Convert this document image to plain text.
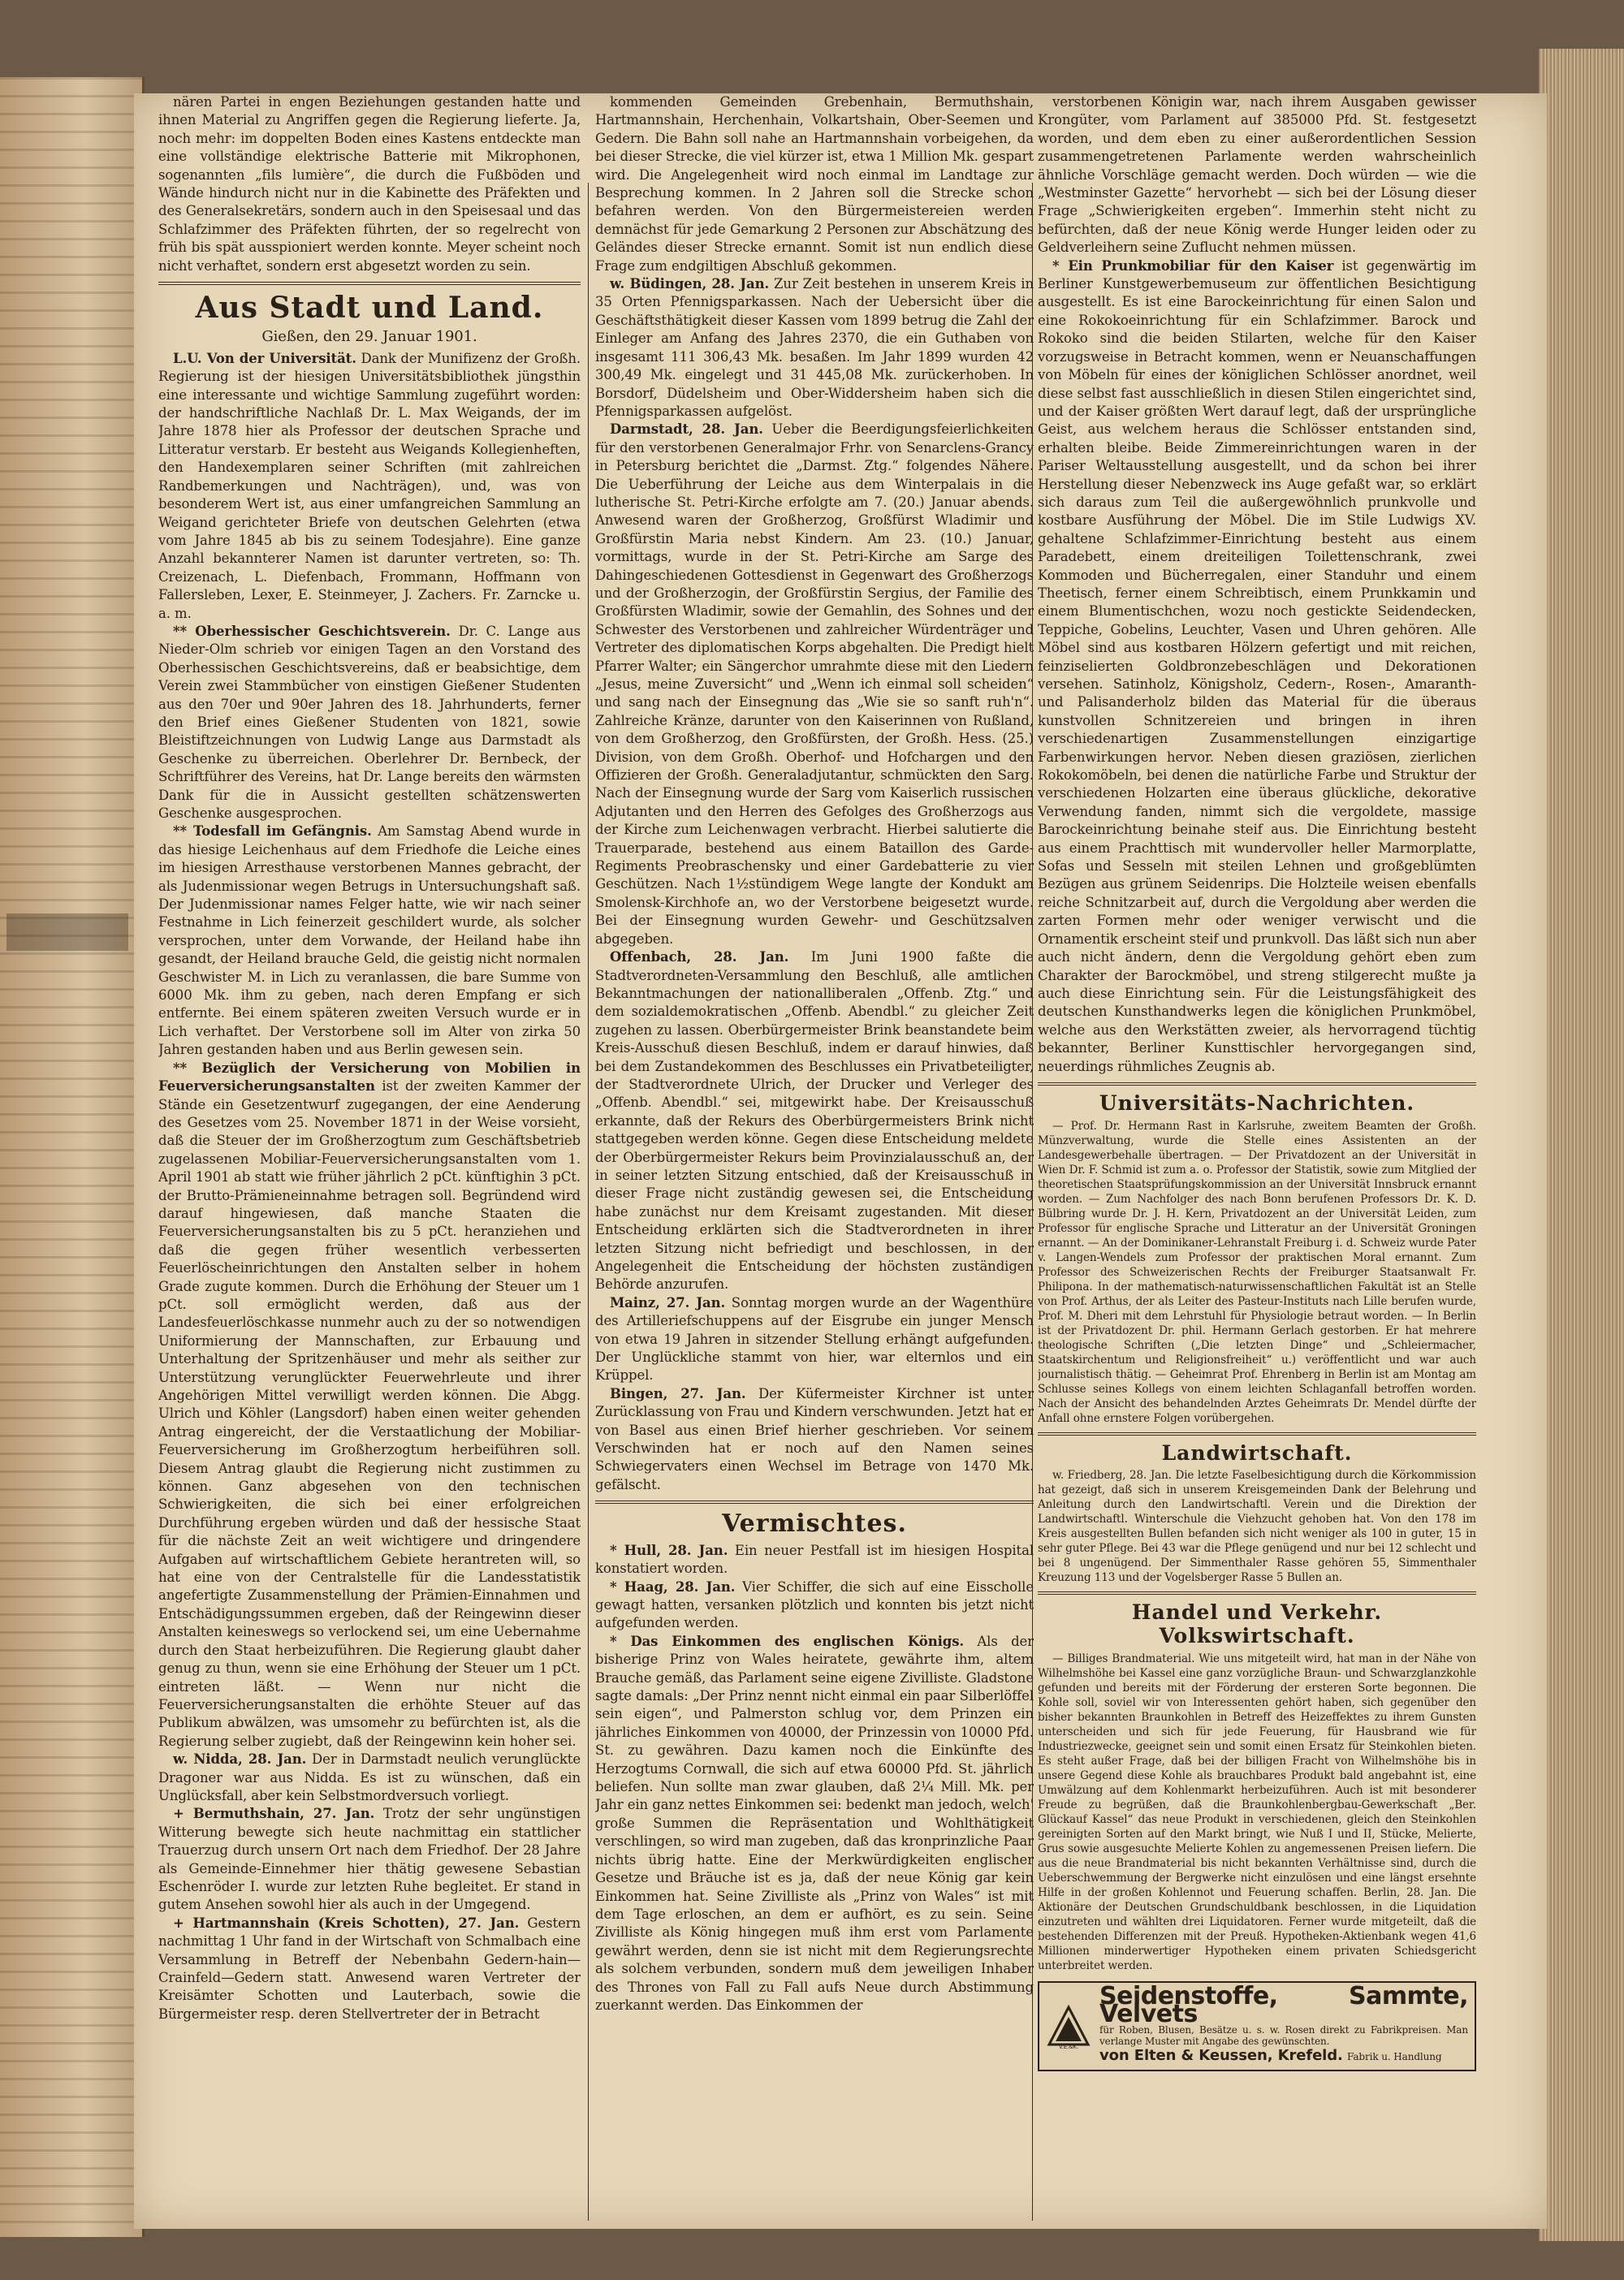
nären Partei in engen Beziehungen gestanden hatte und ihnen Material zu Angriffen gegen die Regierung lieferte. Ja, noch mehr: im doppelten Boden eines Kastens entdeckte man eine vollständige elektrische Batterie mit Mikrophonen, sogenannten „fils lumière“, die durch die Fußböden und Wände hindurch nicht nur in die Kabinette des Präfekten und des Generalsekretärs, sondern auch in den Speisesaal und das Schlafzimmer des Präfekten führten, der so regelrecht von früh bis spät ausspioniert werden konnte. Meyer scheint noch nicht verhaftet, sondern erst abgesetzt worden zu sein.

Aus Stadt und Land.
Gießen, den 29. Januar 1901.

L.U. Von der Universität. Dank der Munifizenz der Großh. Regierung ist der hiesigen Universitätsbibliothek jüngsthin eine interessante und wichtige Sammlung zugeführt worden: der handschriftliche Nachlaß Dr. L. Max Weigands, der im Jahre 1878 hier als Professor der deutschen Sprache und Litteratur verstarb. Er besteht aus Weigands Kollegienheften, den Handexemplaren seiner Schriften (mit zahlreichen Randbemerkungen und Nachträgen), und, was von besonderem Wert ist, aus einer umfangreichen Sammlung an Weigand gerichteter Briefe von deutschen Gelehrten (etwa vom Jahre 1845 ab bis zu seinem Todesjahre). Eine ganze Anzahl bekannterer Namen ist darunter vertreten, so: Th. Creizenach, L. Diefenbach, Frommann, Hoffmann von Fallersleben, Lexer, E. Steinmeyer, J. Zachers. Fr. Zarncke u. a. m.

** Oberhessischer Geschichtsverein. Dr. C. Lange aus Nieder-Olm schrieb vor einigen Tagen an den Vorstand des Oberhessischen Geschichtsvereins, daß er beabsichtige, dem Verein zwei Stammbücher von einstigen Gießener Studenten aus den 70er und 90er Jahren des 18. Jahrhunderts, ferner den Brief eines Gießener Studenten von 1821, sowie Bleistiftzeichnungen von Ludwig Lange aus Darmstadt als Geschenke zu überreichen. Oberlehrer Dr. Bernbeck, der Schriftführer des Vereins, hat Dr. Lange bereits den wärmsten Dank für die in Aussicht gestellten schätzenswerten Geschenke ausgesprochen.

** Todesfall im Gefängnis. Am Samstag Abend wurde in das hiesige Leichenhaus auf dem Friedhofe die Leiche eines im hiesigen Arresthause verstorbenen Mannes gebracht, der als Judenmissionar wegen Betrugs in Untersuchungshaft saß. Der Judenmissionar names Felger hatte, wie wir nach seiner Festnahme in Lich feinerzeit geschildert wurde, als solcher versprochen, unter dem Vorwande, der Heiland habe ihn gesandt, der Heiland brauche Geld, die geistig nicht normalen Geschwister M. in Lich zu veranlassen, die bare Summe von 6000 Mk. ihm zu geben, nach deren Empfang er sich entfernte. Bei einem späteren zweiten Versuch wurde er in Lich verhaftet. Der Verstorbene soll im Alter von zirka 50 Jahren gestanden haben und aus Berlin gewesen sein.

** Bezüglich der Versicherung von Mobilien in Feuerversicherungsanstalten ist der zweiten Kammer der Stände ein Gesetzentwurf zugegangen, der eine Aenderung des Gesetzes vom 25. November 1871 in der Weise vorsieht, daß die Steuer der im Großherzogtum zum Geschäftsbetrieb zugelassenen Mobiliar-Feuerversicherungsanstalten vom 1. April 1901 ab statt wie früher jährlich 2 pCt. künftighin 3 pCt. der Brutto-Prämieneinnahme betragen soll. Begründend wird darauf hingewiesen, daß manche Staaten die Feuerversicherungsanstalten bis zu 5 pCt. heranziehen und daß die gegen früher wesentlich verbesserten Feuerlöscheinrichtungen den Anstalten selber in hohem Grade zugute kommen. Durch die Erhöhung der Steuer um 1 pCt. soll ermöglicht werden, daß aus der Landesfeuerlöschkasse nunmehr auch zu der so notwendigen Uniformierung der Mannschaften, zur Erbauung und Unterhaltung der Spritzenhäuser und mehr als seither zur Unterstützung verunglückter Feuerwehrleute und ihrer Angehörigen Mittel verwilligt werden können. Die Abgg. Ulrich und Köhler (Langsdorf) haben einen weiter gehenden Antrag eingereicht, der die Verstaatlichung der Mobiliar-Feuerversicherung im Großherzogtum herbeiführen soll. Diesem Antrag glaubt die Regierung nicht zustimmen zu können. Ganz abgesehen von den technischen Schwierigkeiten, die sich bei einer erfolgreichen Durchführung ergeben würden und daß der hessische Staat für die nächste Zeit an weit wichtigere und dringendere Aufgaben auf wirtschaftlichem Gebiete herantreten will, so hat eine von der Centralstelle für die Landesstatistik angefertigte Zusammenstellung der Prämien-Einnahmen und Entschädigungssummen ergeben, daß der Reingewinn dieser Anstalten keineswegs so verlockend sei, um eine Uebernahme durch den Staat herbeizuführen. Die Regierung glaubt daher genug zu thun, wenn sie eine Erhöhung der Steuer um 1 pCt. eintreten läßt. — Wenn nur nicht die Feuerversicherungsanstalten die erhöhte Steuer auf das Publikum abwälzen, was umsomehr zu befürchten ist, als die Regierung selber zugiebt, daß der Reingewinn kein hoher sei.

w. Nidda, 28. Jan. Der in Darmstadt neulich verunglückte Dragoner war aus Nidda. Es ist zu wünschen, daß ein Unglücksfall, aber kein Selbstmordversuch vorliegt.

+ Bermuthshain, 27. Jan. Trotz der sehr ungünstigen Witterung bewegte sich heute nachmittag ein stattlicher Trauerzug durch unsern Ort nach dem Friedhof. Der 28 Jahre als Gemeinde-Einnehmer hier thätig gewesene Sebastian Eschenröder I. wurde zur letzten Ruhe begleitet. Er stand in gutem Ansehen sowohl hier als auch in der Umgegend.

+ Hartmannshain (Kreis Schotten), 27. Jan. Gestern nachmittag 1 Uhr fand in der Wirtschaft von Schmalbach eine Versammlung in Betreff der Nebenbahn Gedern-hain—Crainfeld—Gedern statt. Anwesend waren Vertreter der Kreisämter Schotten und Lauterbach, sowie die Bürgermeister resp. deren Stellvertreter der in Betracht

kommenden Gemeinden Grebenhain, Bermuthshain, Hartmannshain, Herchenhain, Volkartshain, Ober-Seemen und Gedern. Die Bahn soll nahe an Hartmannshain vorbeigehen, da bei dieser Strecke, die viel kürzer ist, etwa 1 Million Mk. gespart wird. Die Angelegenheit wird noch einmal im Landtage zur Besprechung kommen. In 2 Jahren soll die Strecke schon befahren werden. Von den Bürgermeistereien werden demnächst für jede Gemarkung 2 Personen zur Abschätzung des Geländes dieser Strecke ernannt. Somit ist nun endlich diese Frage zum endgiltigen Abschluß gekommen.

w. Büdingen, 28. Jan. Zur Zeit bestehen in unserem Kreis in 35 Orten Pfennigsparkassen. Nach der Uebersicht über die Geschäftsthätigkeit dieser Kassen vom 1899 betrug die Zahl der Einleger am Anfang des Jahres 2370, die ein Guthaben von insgesamt 111 306,43 Mk. besaßen. Im Jahr 1899 wurden 42 300,49 Mk. eingelegt und 31 445,08 Mk. zurückerhoben. In Borsdorf, Düdelsheim und Ober-Widdersheim haben sich die Pfennigsparkassen aufgelöst.

Darmstadt, 28. Jan. Ueber die Beerdigungsfeierlichkeiten für den verstorbenen Generalmajor Frhr. von Senarclens-Grancy in Petersburg berichtet die „Darmst. Ztg.“ folgendes Nähere. Die Ueberführung der Leiche aus dem Winterpalais in die lutherische St. Petri-Kirche erfolgte am 7. (20.) Januar abends. Anwesend waren der Großherzog, Großfürst Wladimir und Großfürstin Maria nebst Kindern. Am 23. (10.) Januar, vormittags, wurde in der St. Petri-Kirche am Sarge des Dahingeschiedenen Gottesdienst in Gegenwart des Großherzogs und der Großherzogin, der Großfürstin Sergius, der Familie des Großfürsten Wladimir, sowie der Gemahlin, des Sohnes und der Schwester des Verstorbenen und zahlreicher Würdenträger und Vertreter des diplomatischen Korps abgehalten. Die Predigt hielt Pfarrer Walter; ein Sängerchor umrahmte diese mit den Liedern „Jesus, meine Zuversicht“ und „Wenn ich einmal soll scheiden“ und sang nach der Einsegnung das „Wie sie so sanft ruh'n“. Zahlreiche Kränze, darunter von den Kaiserinnen von Rußland, von dem Großherzog, den Großfürsten, der Großh. Hess. (25.) Division, von dem Großh. Oberhof- und Hofchargen und den Offizieren der Großh. Generaladjutantur, schmückten den Sarg. Nach der Einsegnung wurde der Sarg vom Kaiserlich russischen Adjutanten und den Herren des Gefolges des Großherzogs aus der Kirche zum Leichenwagen verbracht. Hierbei salutierte die Trauerparade, bestehend aus einem Bataillon des Garde-Regiments Preobraschensky und einer Gardebatterie zu vier Geschützen. Nach 1½stündigem Wege langte der Kondukt am Smolensk-Kirchhofe an, wo der Verstorbene beigesetzt wurde. Bei der Einsegnung wurden Gewehr- und Geschützsalven abgegeben.

Offenbach, 28. Jan. Im Juni 1900 faßte die Stadtverordneten-Versammlung den Beschluß, alle amtlichen Bekanntmachungen der nationalliberalen „Offenb. Ztg.“ und dem sozialdemokratischen „Offenb. Abendbl.“ zu gleicher Zeit zugehen zu lassen. Oberbürgermeister Brink beanstandete beim Kreis-Ausschuß diesen Beschluß, indem er darauf hinwies, daß bei dem Zustandekommen des Beschlusses ein Privatbeteiligter, der Stadtverordnete Ulrich, der Drucker und Verleger des „Offenb. Abendbl.“ sei, mitgewirkt habe. Der Kreisausschuß erkannte, daß der Rekurs des Oberbürgermeisters Brink nicht stattgegeben werden könne. Gegen diese Entscheidung meldete der Oberbürgermeister Rekurs beim Provinzialausschuß an, der in seiner letzten Sitzung entschied, daß der Kreisausschuß in dieser Frage nicht zuständig gewesen sei, die Entscheidung habe zunächst nur dem Kreisamt zugestanden. Mit dieser Entscheidung erklärten sich die Stadtverordneten in ihrer letzten Sitzung nicht befriedigt und beschlossen, in der Angelegenheit die Entscheidung der höchsten zuständigen Behörde anzurufen.

Mainz, 27. Jan. Sonntag morgen wurde an der Wagenthüre des Artilleriefschuppens auf der Eisgrube ein junger Mensch von etwa 19 Jahren in sitzender Stellung erhängt aufgefunden. Der Unglückliche stammt von hier, war elternlos und ein Krüppel.

Bingen, 27. Jan. Der Küfermeister Kirchner ist unter Zurücklassung von Frau und Kindern verschwunden. Jetzt hat er von Basel aus einen Brief hierher geschrieben. Vor seinem Verschwinden hat er noch auf den Namen seines Schwiegervaters einen Wechsel im Betrage von 1470 Mk. gefälscht.

Vermischtes.

* Hull, 28. Jan. Ein neuer Pestfall ist im hiesigen Hospital konstatiert worden.

* Haag, 28. Jan. Vier Schiffer, die sich auf eine Eisscholle gewagt hatten, versanken plötzlich und konnten bis jetzt nicht aufgefunden werden.

* Das Einkommen des englischen Königs. Als der bisherige Prinz von Wales heiratete, gewährte ihm, altem Brauche gemäß, das Parlament seine eigene Zivilliste. Gladstone sagte damals: „Der Prinz nennt nicht einmal ein paar Silberlöffel sein eigen“, und Palmerston schlug vor, dem Prinzen ein jährliches Einkommen von 40000, der Prinzessin von 10000 Pfd. St. zu gewähren. Dazu kamen noch die Einkünfte des Herzogtums Cornwall, die sich auf etwa 60000 Pfd. St. jährlich beliefen. Nun sollte man zwar glauben, daß 2¼ Mill. Mk. per Jahr ein ganz nettes Einkommen sei: bedenkt man jedoch, welch' große Summen die Repräsentation und Wohlthätigkeit verschlingen, so wird man zugeben, daß das kronprinzliche Paar nichts übrig hatte. Eine der Merkwürdigkeiten englischer Gesetze und Bräuche ist es ja, daß der neue König gar kein Einkommen hat. Seine Zivilliste als „Prinz von Wales“ ist mit dem Tage erloschen, an dem er aufhört, es zu sein. Seine Zivilliste als König hingegen muß ihm erst vom Parlamente gewährt werden, denn sie ist nicht mit dem Regierungsrechte als solchem verbunden, sondern muß dem jeweiligen Inhaber des Thrones von Fall zu Fall aufs Neue durch Abstimmung zuerkannt werden. Das Einkommen der

verstorbenen Königin war, nach ihrem Ausgaben gewisser Krongüter, vom Parlament auf 385000 Pfd. St. festgesetzt worden, und dem eben zu einer außerordentlichen Session zusammengetretenen Parlamente werden wahrscheinlich ähnliche Vorschläge gemacht werden. Doch würden — wie die „Westminster Gazette“ hervorhebt — sich bei der Lösung dieser Frage „Schwierigkeiten ergeben“. Immerhin steht nicht zu befürchten, daß der neue König werde Hunger leiden oder zu Geldverleihern seine Zuflucht nehmen müssen.

* Ein Prunkmobiliar für den Kaiser ist gegenwärtig im Berliner Kunstgewerbemuseum zur öffentlichen Besichtigung ausgestellt. Es ist eine Barockeinrichtung für einen Salon und eine Rokokoeinrichtung für ein Schlafzimmer. Barock und Rokoko sind die beiden Stilarten, welche für den Kaiser vorzugsweise in Betracht kommen, wenn er Neuanschaffungen von Möbeln für eines der königlichen Schlösser anordnet, weil diese selbst fast ausschließlich in diesen Stilen eingerichtet sind, und der Kaiser größten Wert darauf legt, daß der ursprüngliche Geist, aus welchem heraus die Schlösser entstanden sind, erhalten bleibe. Beide Zimmereinrichtungen waren in der Pariser Weltausstellung ausgestellt, und da schon bei ihrer Herstellung dieser Nebenzweck ins Auge gefaßt war, so erklärt sich daraus zum Teil die außergewöhnlich prunkvolle und kostbare Ausführung der Möbel. Die im Stile Ludwigs XV. gehaltene Schlafzimmer-Einrichtung besteht aus einem Paradebett, einem dreiteiligen Toilettenschrank, zwei Kommoden und Bücherregalen, einer Standuhr und einem Theetisch, ferner einem Schreibtisch, einem Prunkkamin und einem Blumentischchen, wozu noch gestickte Seidendecken, Teppiche, Gobelins, Leuchter, Vasen und Uhren gehören. Alle Möbel sind aus kostbaren Hölzern gefertigt und mit reichen, feinziselierten Goldbronzebeschlägen und Dekorationen versehen. Satinholz, Königsholz, Cedern-, Rosen-, Amaranth- und Palisanderholz bilden das Material für die überaus kunstvollen Schnitzereien und bringen in ihren verschiedenartigen Zusammenstellungen einzigartige Farbenwirkungen hervor. Neben diesen graziösen, zierlichen Rokokomöbeln, bei denen die natürliche Farbe und Struktur der verschiedenen Holzarten eine überaus glückliche, dekorative Verwendung fanden, nimmt sich die vergoldete, massige Barockeinrichtung beinahe steif aus. Die Einrichtung besteht aus einem Prachttisch mit wundervoller heller Marmorplatte, Sofas und Sesseln mit steilen Lehnen und großgeblümten Bezügen aus grünem Seidenrips. Die Holzteile weisen ebenfalls reiche Schnitzarbeit auf, durch die Vergoldung aber werden die zarten Formen mehr oder weniger verwischt und die Ornamentik erscheint steif und prunkvoll. Das läßt sich nun aber auch nicht ändern, denn die Vergoldung gehört eben zum Charakter der Barockmöbel, und streng stilgerecht mußte ja auch diese Einrichtung sein. Für die Leistungsfähigkeit des deutschen Kunsthandwerks legen die königlichen Prunkmöbel, welche aus den Werkstätten zweier, als hervorragend tüchtig bekannter, Berliner Kunsttischler hervorgegangen sind, neuerdings rühmliches Zeugnis ab.

Universitäts-Nachrichten.

— Prof. Dr. Hermann Rast in Karlsruhe, zweitem Beamten der Großh. Münzverwaltung, wurde die Stelle eines Assistenten an der Landesgewerbehalle übertragen. — Der Privatdozent an der Universität in Wien Dr. F. Schmid ist zum a. o. Professor der Statistik, sowie zum Mitglied der theoretischen Staatsprüfungskommission an der Universität Innsbruck ernannt worden. — Zum Nachfolger des nach Bonn berufenen Professors Dr. K. D. Bülbring wurde Dr. J. H. Kern, Privatdozent an der Universität Leiden, zum Professor für englische Sprache und Litteratur an der Universität Groningen ernannt. — An der Dominikaner-Lehranstalt Freiburg i. d. Schweiz wurde Pater v. Langen-Wendels zum Professor der praktischen Moral ernannt. Zum Professor des Schweizerischen Rechts der Freiburger Staatsanwalt Fr. Philipona. In der mathematisch-naturwissenschaftlichen Fakultät ist an Stelle von Prof. Arthus, der als Leiter des Pasteur-Instituts nach Lille berufen wurde, Prof. M. Dheri mit dem Lehrstuhl für Physiologie betraut worden. — In Berlin ist der Privatdozent Dr. phil. Hermann Gerlach gestorben. Er hat mehrere theologische Schriften („Die letzten Dinge“ und „Schleiermacher, Staatskirchentum und Religionsfreiheit“ u.) veröffentlicht und war auch journalistisch thätig. — Geheimrat Prof. Ehrenberg in Berlin ist am Montag am Schlusse seines Kollegs von einem leichten Schlaganfall betroffen worden. Nach der Ansicht des behandelnden Arztes Geheimrats Dr. Mendel dürfte der Anfall ohne ernstere Folgen vorübergehen.

Landwirtschaft.

w. Friedberg, 28. Jan. Die letzte Faselbesichtigung durch die Körkommission hat gezeigt, daß sich in unserem Kreisgemeinden Dank der Belehrung und Anleitung durch den Landwirtschaftl. Verein und die Direktion der Landwirtschaftl. Winterschule die Viehzucht gehoben hat. Von den 178 im Kreis ausgestellten Bullen befanden sich nicht weniger als 100 in guter, 15 in sehr guter Pflege. Bei 43 war die Pflege genügend und nur bei 12 schlecht und bei 8 ungenügend. Der Simmenthaler Rasse gehören 55, Simmenthaler Kreuzung 113 und der Vogelsberger Rasse 5 Bullen an.

Handel und Verkehr. Volkswirtschaft.

— Billiges Brandmaterial. Wie uns mitgeteilt wird, hat man in der Nähe von Wilhelmshöhe bei Kassel eine ganz vorzügliche Braun- und Schwarzglanzkohle gefunden und bereits mit der Förderung der ersteren Sorte begonnen. Die Kohle soll, soviel wir von Interessenten gehört haben, sich gegenüber den bisher bekannten Braunkohlen in Betreff des Heizeffektes zu ihrem Gunsten unterscheiden und sich für jede Feuerung, für Hausbrand wie für Industriezwecke, geeignet sein und somit einen Ersatz für Steinkohlen bieten. Es steht außer Frage, daß bei der billigen Fracht von Wilhelmshöhe bis in unsere Gegend diese Kohle als brauchbares Produkt bald angebahnt ist, eine Umwälzung auf dem Kohlenmarkt herbeizuführen. Auch ist mit besonderer Freude zu begrüßen, daß die Braunkohlenbergbau-Gewerkschaft „Ber. Glückauf Kassel“ das neue Produkt in verschiedenen, gleich den Steinkohlen gereinigten Sorten auf den Markt bringt, wie Nuß I und II, Stücke, Melierte, Grus sowie ausgesuchte Melierte Kohlen zu angemessenen Preisen liefern. Die aus die neue Brandmaterial bis nicht bekannten Verhältnisse sind, durch die Ueberschwemmung der Bergwerke nicht einzulösen und eine längst ersehnte Hilfe in der großen Kohlennot und Feuerung schaffen. Berlin, 28. Jan. Die Aktionäre der Deutschen Grundschuldbank beschlossen, in die Liquidation einzutreten und wählten drei Liquidatoren. Ferner wurde mitgeteilt, daß die bestehenden Differenzen mit der Preuß. Hypotheken-Aktienbank wegen 41,6 Millionen minderwertiger Hypotheken einem privaten Schiedsgericht unterbreitet werden.

V.E.&K.
Seidenstoffe, Sammte, Velvets
für Roben, Blusen, Besätze u. s. w. Rosen direkt zu Fabrikpreisen. Man verlange Muster mit Angabe des gewünschten.
von Elten & Keussen, Krefeld. Fabrik u. Handlung
